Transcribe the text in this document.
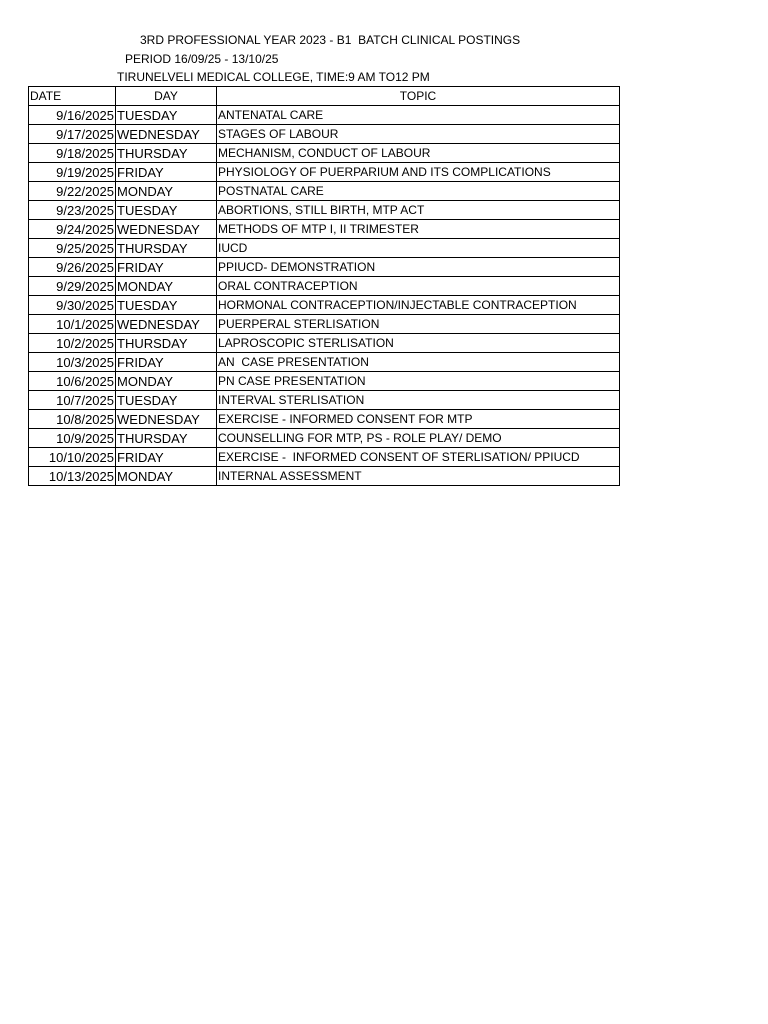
3RD PROFESSIONAL YEAR 2023 - B1  BATCH CLINICAL POSTINGS
PERIOD 16/09/25 - 13/10/25
TIRUNELVELI MEDICAL COLLEGE, TIME:9 AM TO12 PM
DATE	DAY	TOPIC
9/16/2025	TUESDAY	ANTENATAL CARE
9/17/2025	WEDNESDAY	STAGES OF LABOUR
9/18/2025	THURSDAY	MECHANISM, CONDUCT OF LABOUR
9/19/2025	FRIDAY	PHYSIOLOGY OF PUERPARIUM AND ITS COMPLICATIONS
9/22/2025	MONDAY	POSTNATAL CARE
9/23/2025	TUESDAY	ABORTIONS, STILL BIRTH, MTP ACT
9/24/2025	WEDNESDAY	METHODS OF MTP I, II TRIMESTER
9/25/2025	THURSDAY	IUCD
9/26/2025	FRIDAY	PPIUCD- DEMONSTRATION
9/29/2025	MONDAY	ORAL CONTRACEPTION
9/30/2025	TUESDAY	HORMONAL CONTRACEPTION/INJECTABLE CONTRACEPTION
10/1/2025	WEDNESDAY	PUERPERAL STERLISATION
10/2/2025	THURSDAY	LAPROSCOPIC STERLISATION
10/3/2025	FRIDAY	AN  CASE PRESENTATION
10/6/2025	MONDAY	PN CASE PRESENTATION
10/7/2025	TUESDAY	INTERVAL STERLISATION
10/8/2025	WEDNESDAY	EXERCISE - INFORMED CONSENT FOR MTP
10/9/2025	THURSDAY	COUNSELLING FOR MTP, PS - ROLE PLAY/ DEMO
10/10/2025	FRIDAY	EXERCISE -  INFORMED CONSENT OF STERLISATION/ PPIUCD
10/13/2025	MONDAY	INTERNAL ASSESSMENT
